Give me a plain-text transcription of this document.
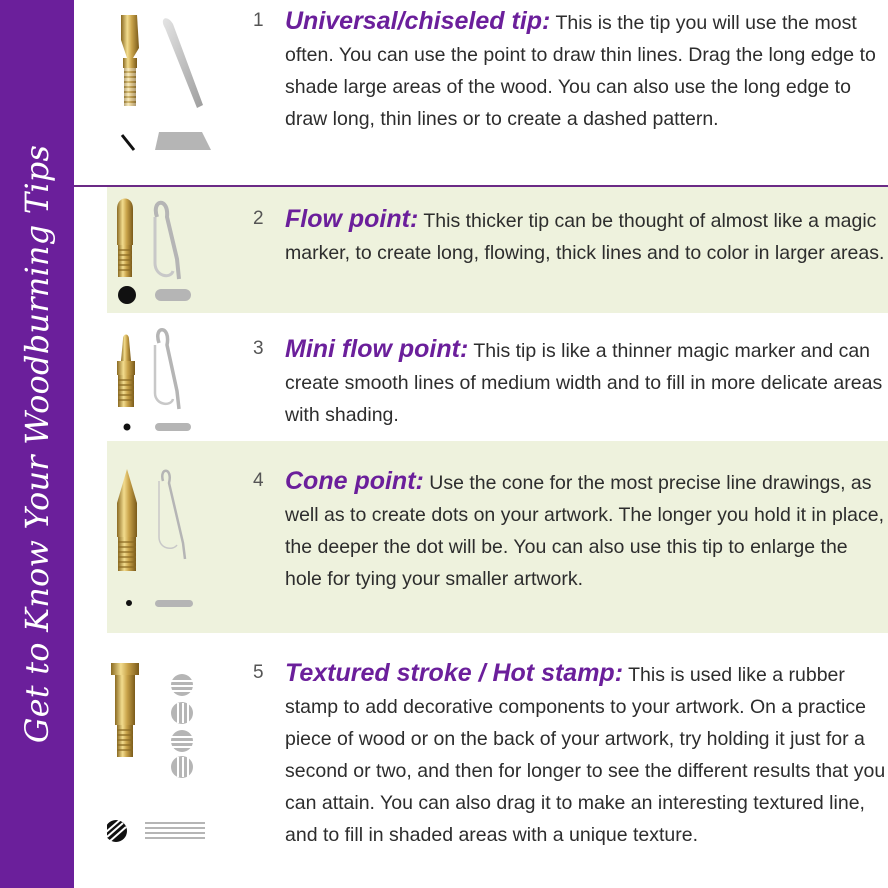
Get to Know Your Woodburning Tips
1 Universal/chiseled tip: This is the tip you will use the most often. You can use the point to draw thin lines. Drag the long edge to shade large areas of the wood. You can also use the long edge to draw long, thin lines or to create a dashed pattern.
2 Flow point: This thicker tip can be thought of almost like a magic marker, to create long, flowing, thick lines and to color in larger areas.
3 Mini flow point: This tip is like a thinner magic marker and can create smooth lines of medium width and to fill in more delicate areas with shading.
4 Cone point: Use the cone for the most precise line drawings, as well as to create dots on your artwork. The longer you hold it in place, the deeper the dot will be. You can also use this tip to enlarge the hole for tying your smaller artwork.
5 Textured stroke / Hot stamp: This is used like a rubber stamp to add decorative components to your artwork. On a practice piece of wood or on the back of your artwork, try holding it just for a second or two, and then for longer to see the different results that you can attain. You can also drag it to make an interesting textured line, and to fill in shaded areas with a unique texture.
